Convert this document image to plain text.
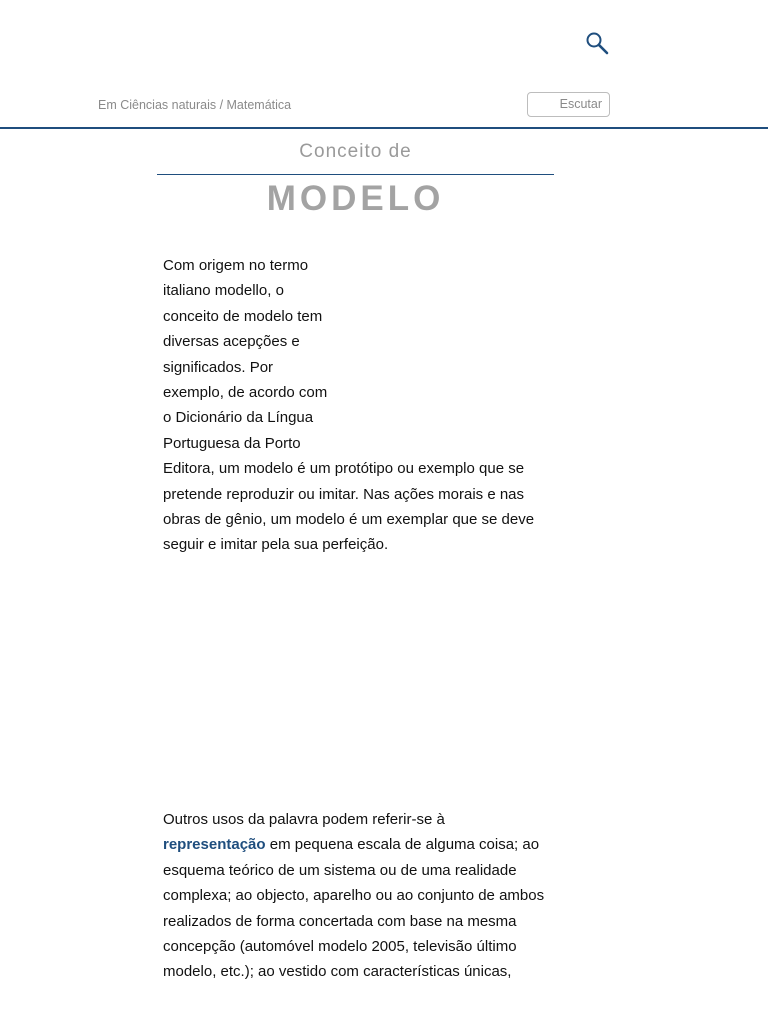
Em Ciências naturais / Matemática	Escutar
Conceito de
MODELO
Com origem no termo
italiano modello, o
conceito de modelo tem
diversas acepções e
significados. Por
exemplo, de acordo com
o Dicionário da Língua
Portuguesa da Porto
Editora, um modelo é um protótipo ou exemplo que se
pretende reproduzir ou imitar. Nas ações morais e nas
obras de gênio, um modelo é um exemplar que se deve
seguir e imitar pela sua perfeição.
Outros usos da palavra podem referir-se à
representação em pequena escala de alguma coisa; ao
esquema teórico de um sistema ou de uma realidade
complexa; ao objecto, aparelho ou ao conjunto de ambos
realizados de forma concertada com base na mesma
concepção (automóvel modelo 2005, televisão último
modelo, etc.); ao vestido com características únicas,
